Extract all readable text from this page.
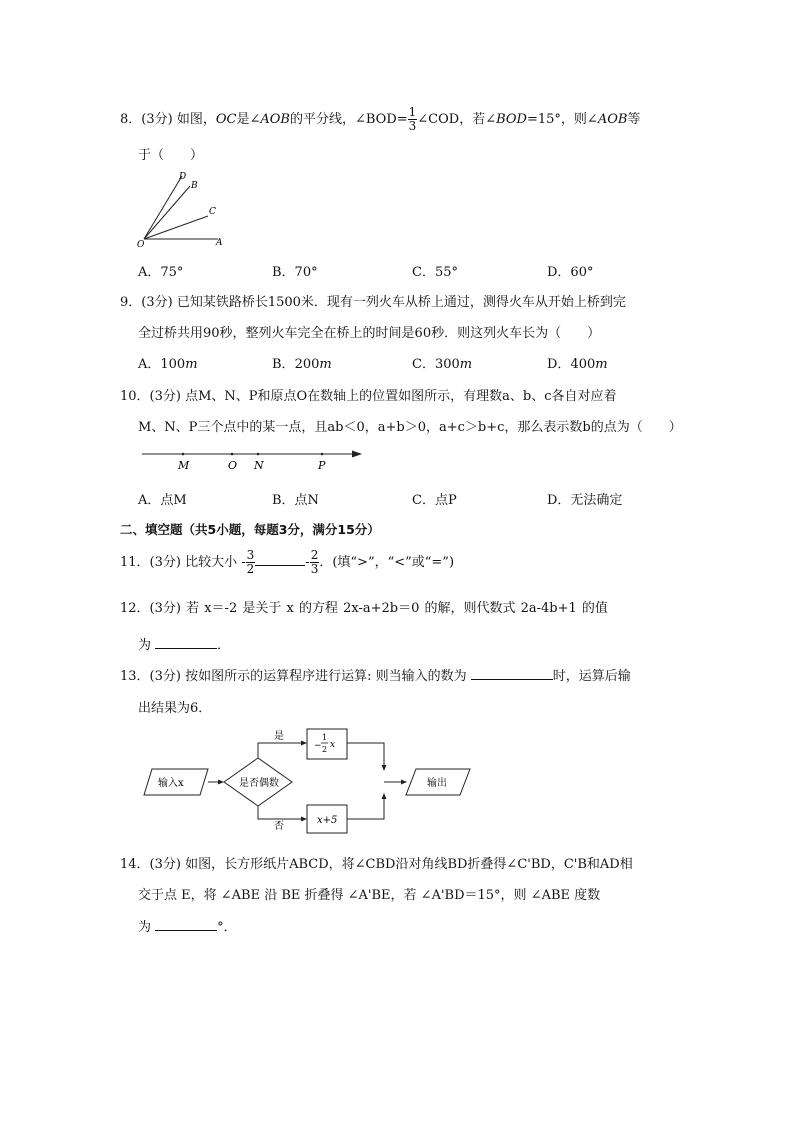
8．(3分) 如图，OC是∠AOB的平分线，∠BOD= $\frac{1}{3}$ ∠COD，若∠BOD=15°，则∠AOB等
于（　　）
D
B
C
O	A
A．75°	B．70°	C．55°	D．60°
9．(3分) 已知某铁路桥长1500米．现有一列火车从桥上通过，测得火车从开始上桥到完
全过桥共用90秒，整列火车完全在桥上的时间是60秒．则这列火车长为（　　）
A．100m	B．200m	C．300m	D．400m
10．(3分) 点M、N、P和原点O在数轴上的位置如图所示，有理数a、b、c各自对应着
M、N、P三个点中的某一点，且ab＜0，a+b＞0，a+c＞b+c，那么表示数b的点为（　　）
M	O N	P
A．点M	B．点N	C．点P	D．无法确定
二、填空题（共5小题，每题3分，满分15分）
11．(3分) 比较大小 - $\frac{3}{2}$	- $\frac{2}{3}$ ．(填“>”，“<”或“=”)
12．(3分) 若 x＝-2 是关于 x 的方程 2x-a+2b＝0 的解，则代数式 2a-4b+1 的值
为	．
13．(3分) 按如图所示的运算程序进行运算: 则当输入的数为	时，运算后输
出结果为6．
输入x	是否偶数
是
否
−
1
2 x
x+5
输出
14．(3分) 如图，长方形纸片ABCD，将∠CBD沿对角线BD折叠得∠C'BD，C'B和AD相
交于点 E，将 ∠ABE 沿 BE 折叠得 ∠A'BE，若 ∠A'BD＝15°，则 ∠ABE 度数
为	°．
